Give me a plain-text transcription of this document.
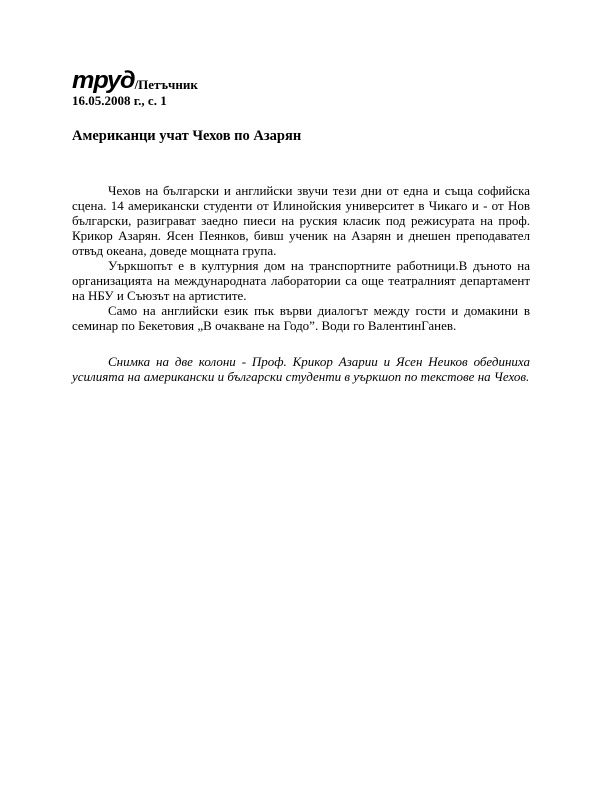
труд /Петъчник
16.05.2008 г., с. 1
Американци учат Чехов по Азарян

Чехов на български и английски звучи тези дни от една и съща софийска сцена. 14 американски студенти от Илинойския университет в Чикаго и - от Нов български, разиграват заедно пиеси на руския класик под режисурата на проф. Крикор Азарян. Ясен Пеянков, бивш ученик на Азарян и днешен преподавател отвъд океана, доведе мощната група.

Уъркшопът е в културния дом на транспортните работници.В дъното на организацията на международната лаборатории са още театралният департамент на НБУ и Съюзът на артистите.

Само на английски език пък върви диалогът между гости и домакини в семинар по Бекетовия „В очакване на Годо”. Води го ВалентинГанев.

Снимка на две колони - Проф. Крикор Азарии и Ясен Неиков обединиха усилията на американски и български студенти в уъркшоп по текстове на Чехов.
